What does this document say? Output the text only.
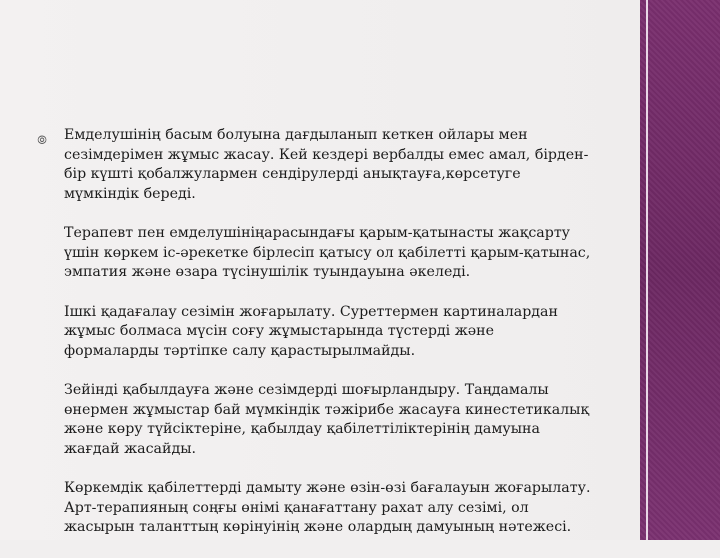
⦾ Емделушінің басым болуына дағдыланып кеткен ойлары мен
сезімдерімен жұмыс жасау. Кей кездері вербалды емес амал, бірден-
бір күшті қобалжулармен сендірулерді анықтауға,көрсетуге
мүмкіндік береді.

Терапевт пен емделушініңарасындағы қарым-қатынасты жақсарту
үшін көркем іс-әрекетке бірлесіп қатысу ол қабілетті қарым-қатынас,
эмпатия және өзара түсінушілік туындауына әкеледі.

Ішкі қадағалау сезімін жоғарылату. Суреттермен картиналардан
жұмыс болмаса мүсін соғу жұмыстарында түстерді және
формаларды тәртіпке салу қарастырылмайды.

Зейінді қабылдауға және сезімдерді шоғырландыру. Таңдамалы
өнермен жұмыстар бай мүмкіндік тәжірибе жасауға кинестетикалық
және көру түйсіктеріне, қабылдау қабілеттіліктерінің дамуына
жағдай жасайды.

Көркемдік қабілеттерді дамыту және өзін-өзі бағалауын жоғарылату.
Арт-терапияның соңғы өнімі қанағаттану рахат алу сезімі, ол
жасырын таланттың көрінуінің және олардың дамуының нәтежесі.
